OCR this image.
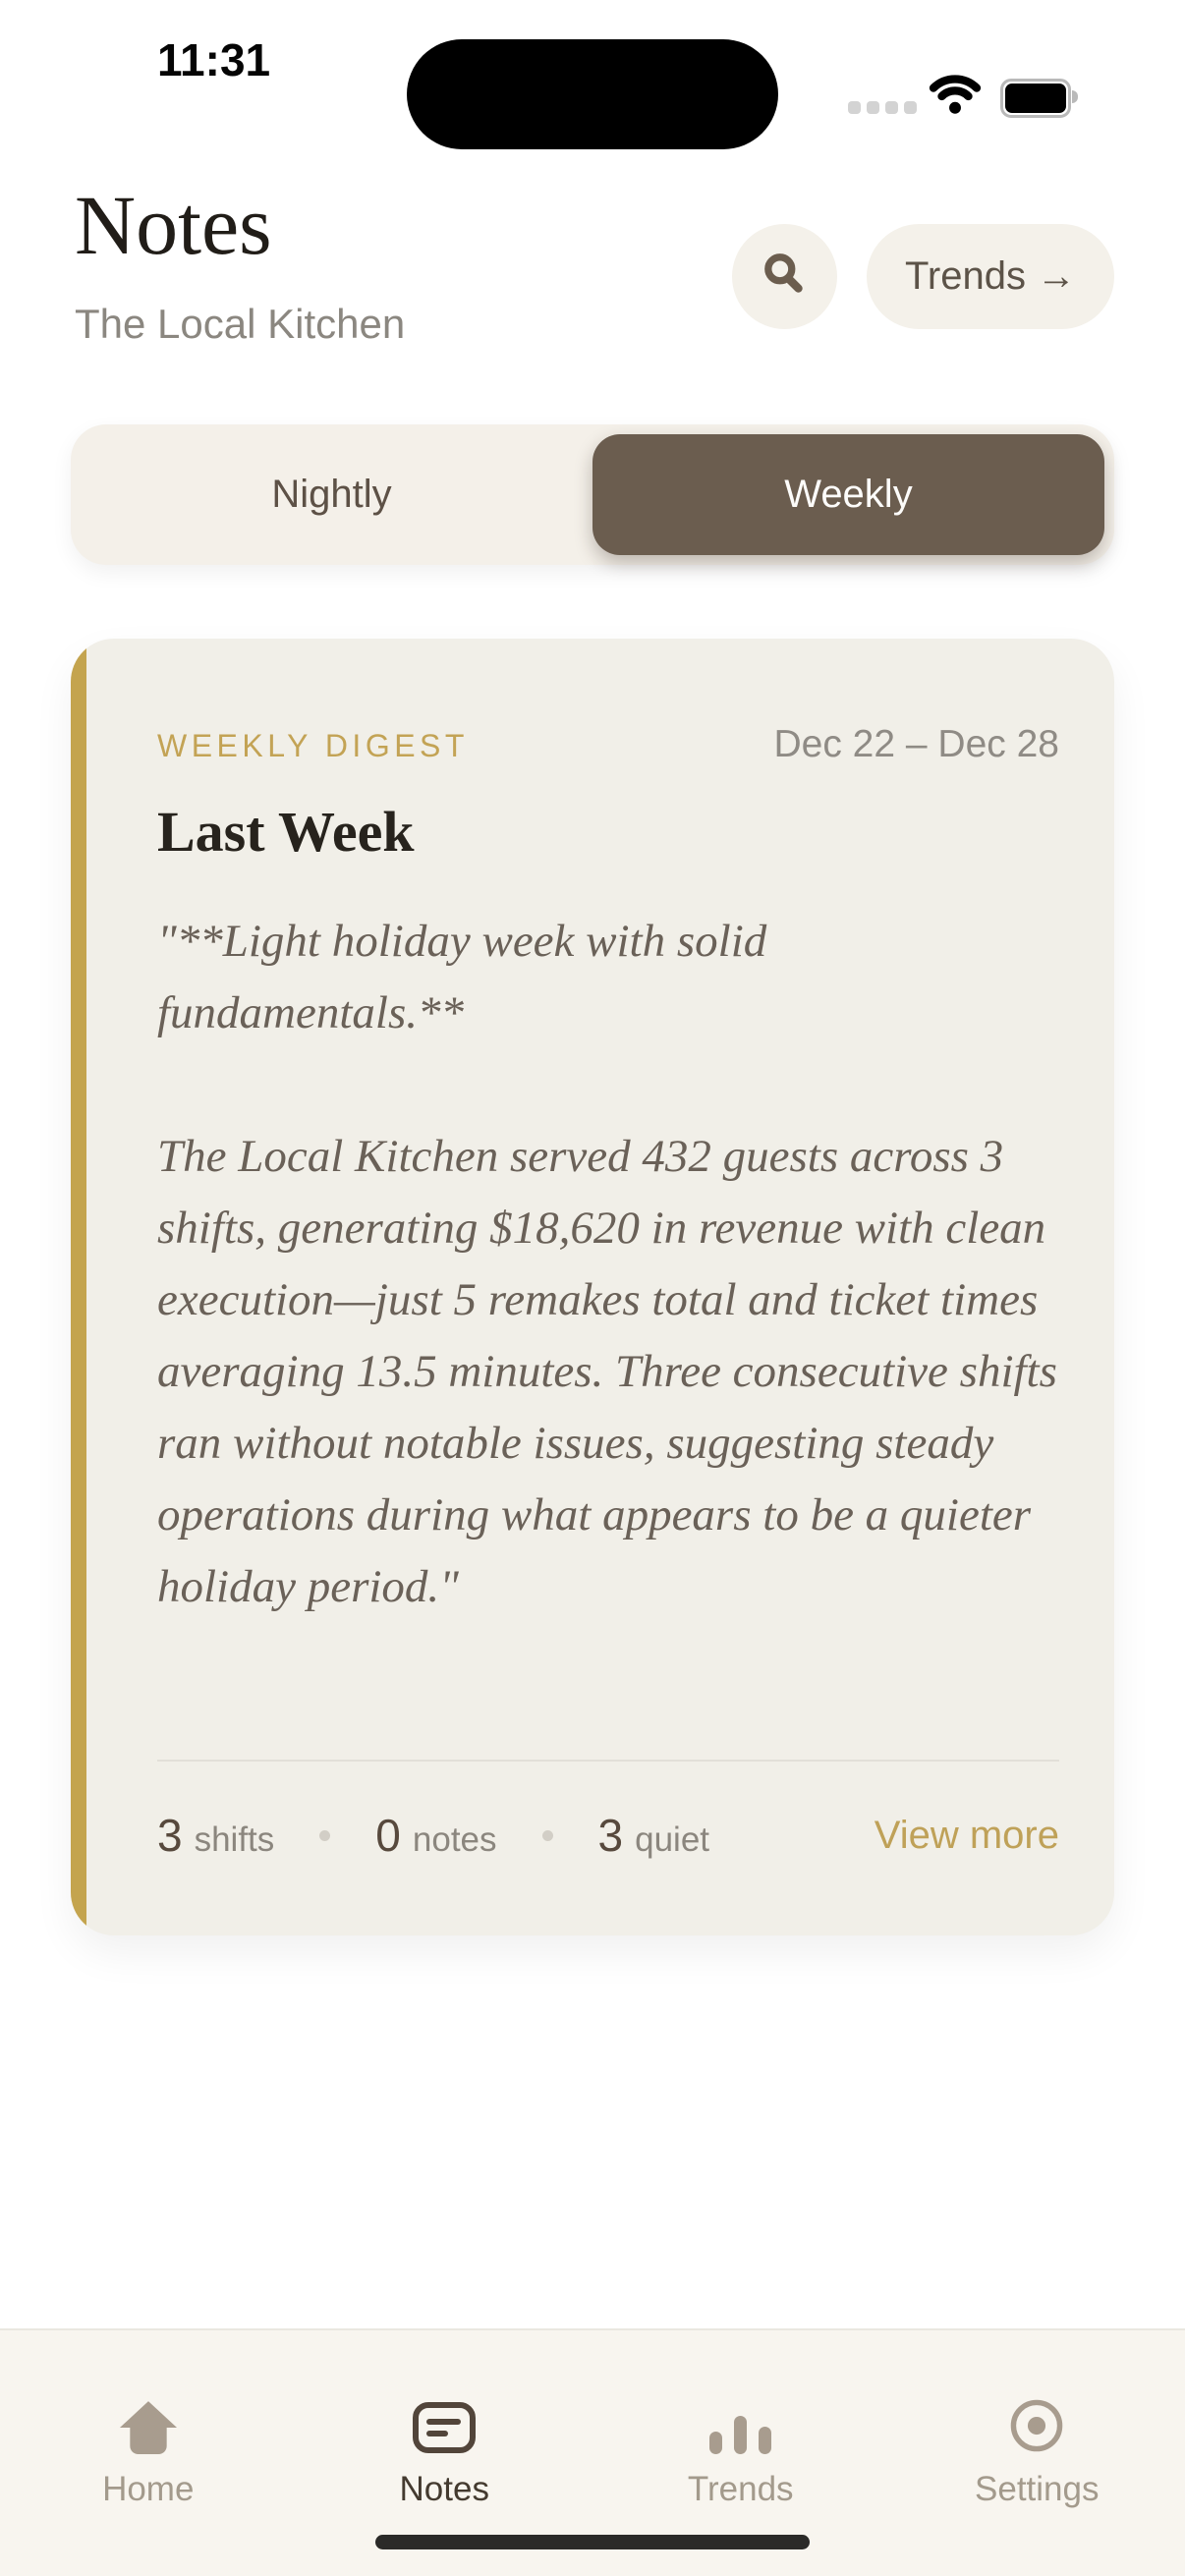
11:31
Notes
The Local Kitchen
Trends →
Nightly	Weekly
WEEKLY DIGEST	Dec 22 – Dec 28
Last Week

"**Light holiday week with solid fundamentals.**

The Local Kitchen served 432 guests across 3 shifts, generating $18,620 in revenue with clean execution—just 5 remakes total and ticket times averaging 13.5 minutes. Three consecutive shifts ran without notable issues, suggesting steady operations during what appears to be a quieter holiday period."

3 shifts 0 notes 3 quiet	View more
Home	Notes	Trends	Settings
